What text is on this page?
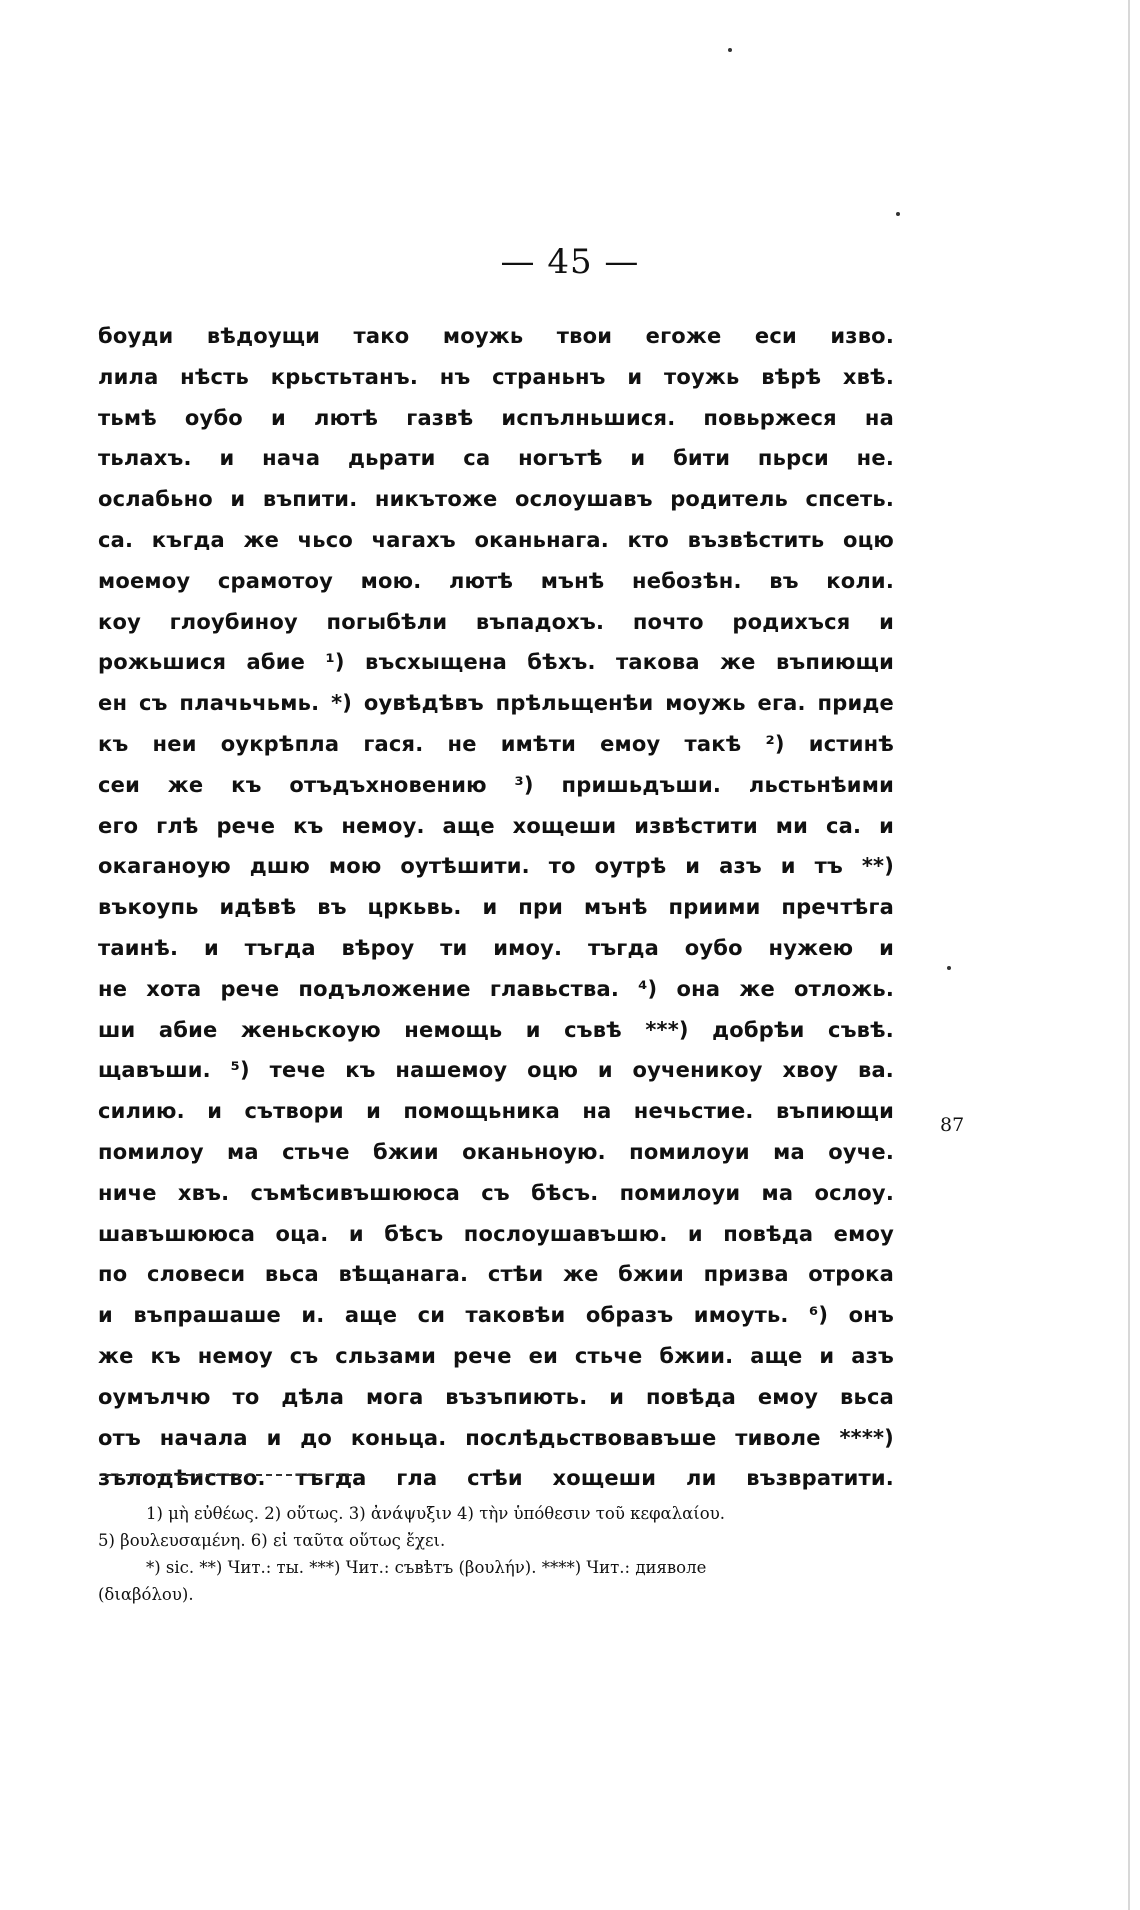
— 45 —
боуди вѣдоущи тако моужь твои егоже еси изво.
лила нѣсть крьстьтанъ. нъ страньнъ и тоужь вѣрѣ хвѣ.
тьмѣ оубо и лютѣ газвѣ испълньшися. повьржеся на
тьлахъ. и нача дьрати са ногътѣ и бити пьрси не.
ослабьно и въпити. никътоже ослоушавъ родитель спсеть.
са. къгда же чьсо чагахъ оканьнага. кто възвѣстить оцю
моемоу срамотоу мою. лютѣ мънѣ небозѣн. въ коли.
коу глоубиноу погыбѣли въпадохъ. почто родихъся и
рожьшися абие ¹) въсхыщена бѣхъ. такова же въпиющи
ен съ плачьчьмь. *) оувѣдѣвъ прѣльщенѣи моужь ега. приде
къ неи оукрѣпла гася. не имѣти емоу такѣ ²) истинѣ
сеи же къ отъдъхновению ³) пришьдъши. льстьнѣими
его глѣ рече къ немоу. аще хощеши извѣстити ми са. и
окаганоую дшю мою оутѣшити. то оутрѣ и азъ и тъ **)
въкоупь идѣвѣ въ цркьвь. и при мънѣ приими пречтѣга
таинѣ. и тъгда вѣроу ти имоу. тъгда оубо нужею и
не хота рече подъложение главьства. ⁴) она же отложь.
ши абие женьскоую немощь и съвѣ ***) добрѣи съвѣ.
щавъши. ⁵) тече къ нашемоу оцю и оученикоу хвоу ва.
силию. и сътвори и помощьника на нечьстие. въпиющи
помилоу ма стьче бжии оканьноую. помилоуи ма оуче.
ниче хвъ. съмѣсивъшююса съ бѣсъ. помилоуи ма ослоу.
шавъшююса оца. и бѣсъ послоушавъшю. и повѣда емоу
по словеси вьса вѣщанага. стѣи же бжии призва отрока
и въпрашаше и. аще си таковѣи образъ имоуть. ⁶) онъ
же къ немоу съ сльзами рече еи стьче бжии. аще и азъ
оумълчю то дѣла мога възъпиють. и повѣда емоу вьса
отъ начала и до коньца. послѣдьствовавъше тиволе ****)
зълодѣиство. тъгда гла стѣи хощеши ли възвратити.
87
1) μὴ εὐθέως. 2) οὕτως. 3) ἀνάψυξιν 4) τὴν ὑπόθεσιν τοῦ κεφαλαίου.
5) βουλευσαμένη. 6) εἰ ταῦτα οὕτως ἔχει.
*) sic. **) Чит.: ты. ***) Чит.: съвѣтъ (βουλήν). ****) Чит.: дияволе
(διαβόλου).
